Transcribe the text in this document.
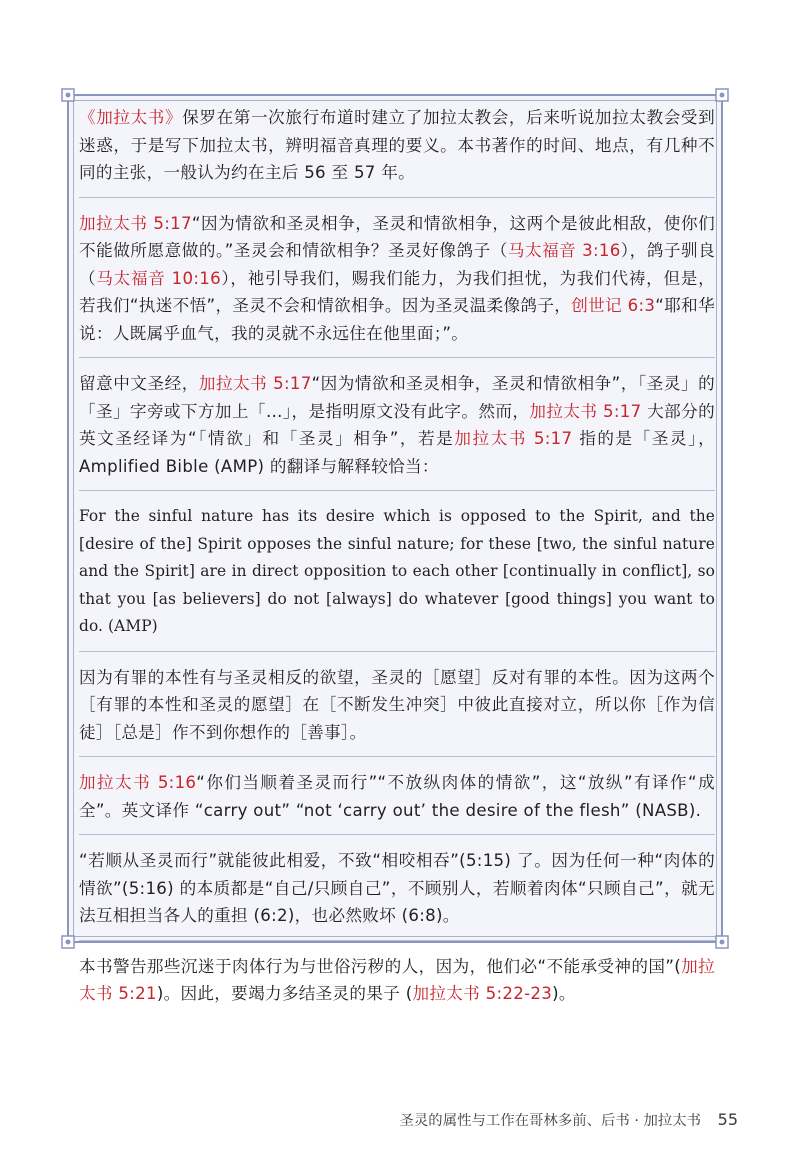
《加拉太书》保罗在第一次旅行布道时建立了加拉太教会，后来听说加拉太教会受到迷惑，于是写下加拉太书，辨明福音真理的要义。本书著作的时间、地点，有几种不同的主张，一般认为约在主后 56 至 57 年。

加拉太书 5:17“因为情欲和圣灵相争，圣灵和情欲相争，这两个是彼此相敌，使你们不能做所愿意做的。”圣灵会和情欲相争？圣灵好像鸽子（马太福音 3:16），鸽子驯良（马太福音 10:16），祂引导我们，赐我们能力，为我们担忧，为我们代祷，但是，若我们“执迷不悟”，圣灵不会和情欲相争。因为圣灵温柔像鸽子，创世记 6:3“耶和华说：人既属乎血气，我的灵就不永远住在他里面；”。

留意中文圣经，加拉太书 5:17“因为情欲和圣灵相争，圣灵和情欲相争”，「圣灵」的「圣」字旁或下方加上「…」，是指明原文没有此字。然而，加拉太书 5:17 大部分的英文圣经译为“「情欲」和「圣灵」相争”，若是加拉太书 5:17 指的是「圣灵」，Amplified Bible (AMP) 的翻译与解释较恰当：

For the sinful nature has its desire which is opposed to the Spirit, and the [desire of the] Spirit opposes the sinful nature; for these [two, the sinful nature and the Spirit] are in direct opposition to each other [continually in conflict], so that you [as believers] do not [always] do whatever [good things] you want to do. (AMP)

因为有罪的本性有与圣灵相反的欲望，圣灵的［愿望］反对有罪的本性。因为这两个［有罪的本性和圣灵的愿望］在［不断发生冲突］中彼此直接对立，所以你［作为信徒］［总是］作不到你想作的［善事］。

加拉太书 5:16“你们当顺着圣灵而行”“不放纵肉体的情欲”，这“放纵”有译作“成全”。英文译作 “carry out” “not ‘carry out’ the desire of the flesh” (NASB).

“若顺从圣灵而行”就能彼此相爱，不致“相咬相吞”(5:15) 了。因为任何一种“肉体的情欲”(5:16) 的本质都是“自己/只顾自己”，不顾别人，若顺着肉体“只顾自己”，就无法互相担当各人的重担 (6:2)，也必然败坏 (6:8)。

本书警告那些沉迷于肉体行为与世俗污秽的人，因为，他们必“不能承受神的国”(加拉太书 5:21)。因此，要竭力多结圣灵的果子 (加拉太书 5:22-23)。

圣灵的属性与工作在哥林多前、后书 · 加拉太书 55
